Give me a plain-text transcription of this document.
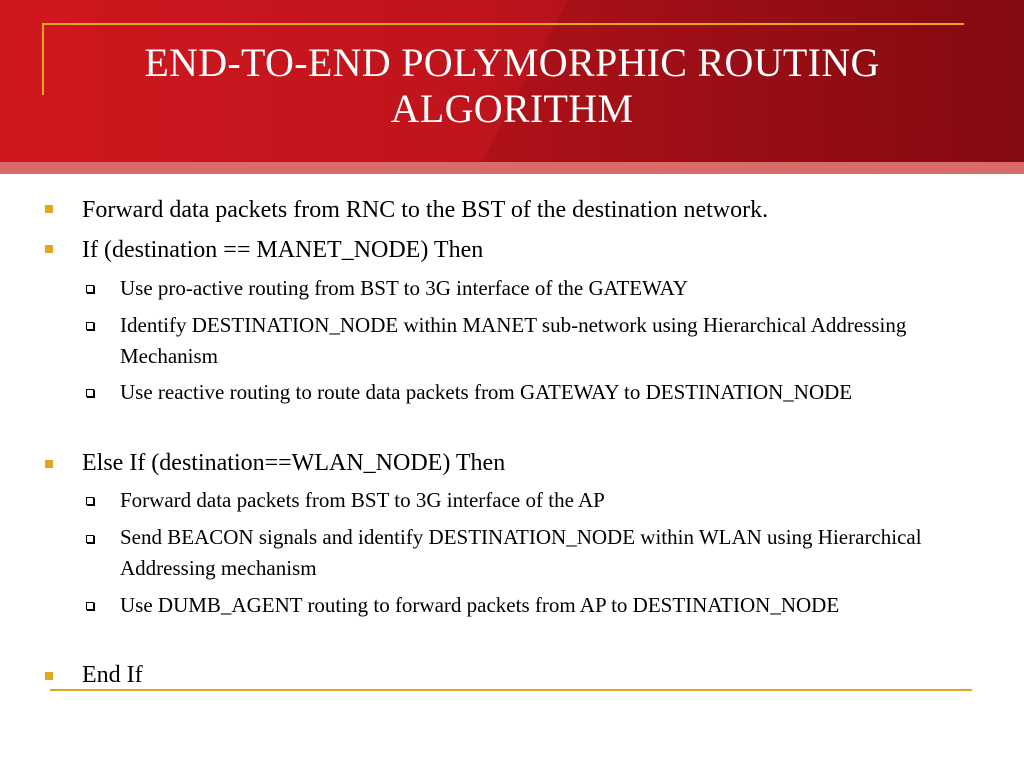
END-TO-END POLYMORPHIC ROUTING ALGORITHM
Forward data packets from RNC to the BST of the destination network.
If (destination == MANET_NODE) Then
Use pro-active routing from BST to 3G interface of the GATEWAY
Identify DESTINATION_NODE within MANET sub-network using Hierarchical Addressing Mechanism
Use reactive routing to route data packets from GATEWAY to DESTINATION_NODE
Else If (destination==WLAN_NODE) Then
Forward data packets from BST to 3G interface of the AP
Send BEACON signals and identify DESTINATION_NODE within WLAN using Hierarchical Addressing mechanism
Use DUMB_AGENT routing to forward packets from AP to DESTINATION_NODE
End If
